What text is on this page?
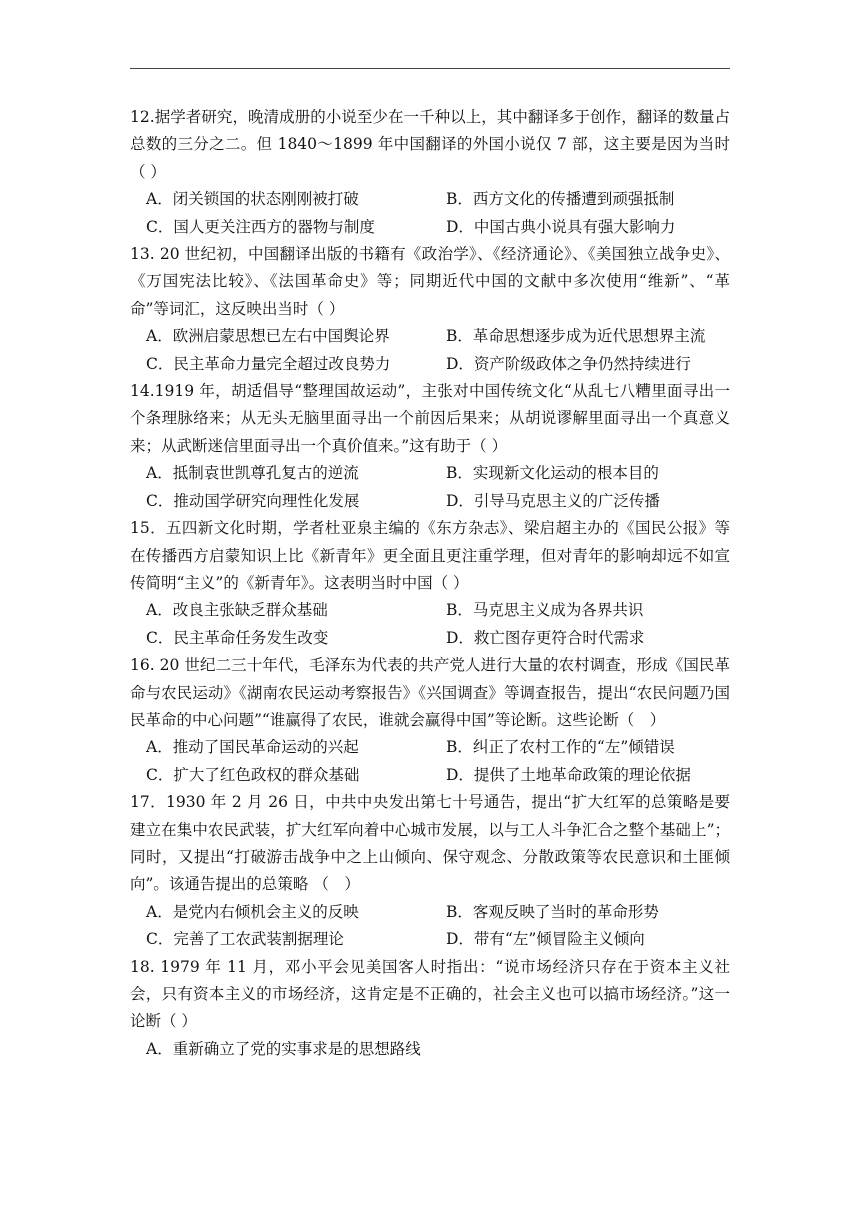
12.据学者研究，晚清成册的小说至少在一千种以上，其中翻译多于创作，翻译的数量占总数的三分之二。但 1840～1899 年中国翻译的外国小说仅 7 部，这主要是因为当时（ ）

A．闭关锁国的状态刚刚被打破	B．西方文化的传播遭到顽强抵制
C．国人更关注西方的器物与制度	D．中国古典小说具有强大影响力

13. 20 世纪初，中国翻译出版的书籍有《政治学》、《经济通论》、《美国独立战争史》、《万国宪法比较》、《法国革命史》等；同期近代中国的文献中多次使用“维新”、“革命”等词汇，这反映出当时（ ）

A．欧洲启蒙思想已左右中国舆论界	B．革命思想逐步成为近代思想界主流
C．民主革命力量完全超过改良势力	D．资产阶级政体之争仍然持续进行

14.1919 年，胡适倡导“整理国故运动”，主张对中国传统文化“从乱七八糟里面寻出一个条理脉络来；从无头无脑里面寻出一个前因后果来；从胡说谬解里面寻出一个真意义来；从武断迷信里面寻出一个真价值来。”这有助于（ ）

A．抵制袁世凯尊孔复古的逆流	B．实现新文化运动的根本目的
C．推动国学研究向理性化发展	D．引导马克思主义的广泛传播

15．五四新文化时期，学者杜亚泉主编的《东方杂志》、梁启超主办的《国民公报》等在传播西方启蒙知识上比《新青年》更全面且更注重学理，但对青年的影响却远不如宣传简明“主义”的《新青年》。这表明当时中国（ ）

A．改良主张缺乏群众基础	B．马克思主义成为各界共识
C．民主革命任务发生改变	D．救亡图存更符合时代需求

16. 20 世纪二三十年代，毛泽东为代表的共产党人进行大量的农村调查，形成《国民革命与农民运动》《湖南农民运动考察报告》《兴国调查》等调查报告，提出“农民问题乃国民革命的中心问题”“谁赢得了农民，谁就会赢得中国”等论断。这些论断（　）

A．推动了国民革命运动的兴起	B．纠正了农村工作的“左”倾错误
C．扩大了红色政权的群众基础	D．提供了土地革命政策的理论依据

17．1930 年 2 月 26 日，中共中央发出第七十号通告，提出“扩大红军的总策略是要建立在集中农民武装，扩大红军向着中心城市发展，以与工人斗争汇合之整个基础上”；同时，又提出“打破游击战争中之上山倾向、保守观念、分散政策等农民意识和土匪倾向”。该通告提出的总策略 （　）

A．是党内右倾机会主义的反映	B．客观反映了当时的革命形势
C．完善了工农武装割据理论	D．带有“左”倾冒险主义倾向

18. 1979 年 11 月，邓小平会见美国客人时指出：“说市场经济只存在于资本主义社会，只有资本主义的市场经济，这肯定是不正确的，社会主义也可以搞市场经济。”这一论断（ ）

A．重新确立了党的实事求是的思想路线
